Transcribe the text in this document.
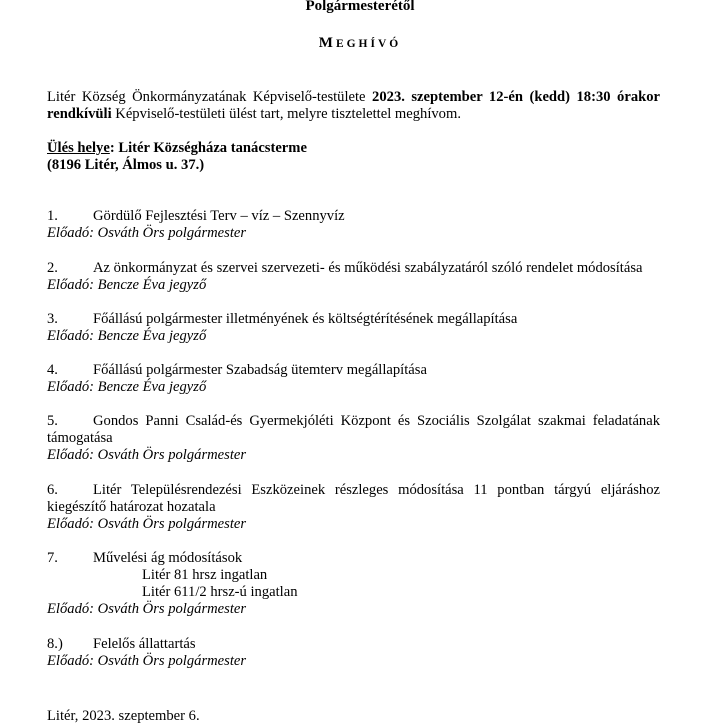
Polgármesterétől
MEGHÍVÓ
Litér Község Önkormányzatának Képviselő-testülete 2023. szeptember 12-én (kedd) 18:30 órakor rendkívüli Képviselő-testületi ülést tart, melyre tisztelettel meghívom.
Ülés helye: Litér Községháza tanácsterme
(8196 Litér, Álmos u. 37.)
1.	Gördülő Fejlesztési Terv – víz – Szennyvíz
Előadó: Osváth Örs polgármester
2.	Az önkormányzat és szervei szervezeti- és működési szabályzatáról szóló rendelet módosítása
Előadó: Bencze Éva jegyző
3.	Főállású polgármester illetményének és költségtérítésének megállapítása
Előadó: Bencze Éva jegyző
4.	Főállású polgármester Szabadság ütemterv megállapítása
Előadó: Bencze Éva jegyző
5.	Gondos Panni Család-és Gyermekjóléti Központ és Szociális Szolgálat szakmai feladatának
támogatása
Előadó: Osváth Örs polgármester
6.	Litér Településrendezési Eszközeinek részleges módosítása 11 pontban tárgyú eljáráshoz
kiegészítő határozat hozatala
Előadó: Osváth Örs polgármester
7.	Művelési ág módosítások
Litér 81 hrsz ingatlan
Litér 611/2 hrsz-ú ingatlan
Előadó: Osváth Örs polgármester
8.)	Felelős állattartás
Előadó: Osváth Örs polgármester
Litér, 2023. szeptember 6.
